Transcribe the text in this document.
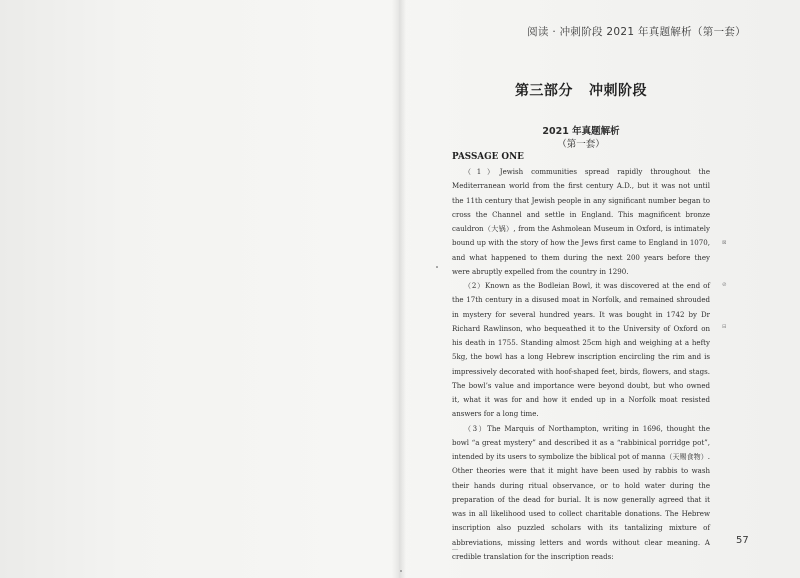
阅读 · 冲刺阶段 2021 年真题解析（第一套）
第三部分   冲刺阶段
2021 年真题解析
（第一套）
PASSAGE ONE

（1）Jewish communities spread rapidly throughout the Mediterranean world from the first century A.D., but it was not until the 11th century that Jewish people in any significant number began to cross the Channel and settle in England. This magnificent bronze cauldron（大锅）, from the Ashmolean Museum in Oxford, is intimately bound up with the story of how the Jews first came to England in 1070, and what happened to them during the next 200 years before they were abruptly expelled from the country in 1290.

（2）Known as the Bodleian Bowl, it was discovered at the end of the 17th century in a disused moat in Norfolk, and remained shrouded in mystery for several hundred years. It was bought in 1742 by Dr Richard Rawlinson, who bequeathed it to the University of Oxford on his death in 1755. Standing almost 25cm high and weighing at a hefty 5kg, the bowl has a long Hebrew inscription encircling the rim and is impressively decorated with hoof-shaped feet, birds, flowers, and stags. The bowl’s value and importance were beyond doubt, but who owned it, what it was for and how it ended up in a Norfolk moat resisted answers for a long time.

（3）The Marquis of Northampton, writing in 1696, thought the bowl “a great mystery” and described it as a “rabbinical porridge pot”, intended by its users to symbolize the biblical pot of manna（天赐食物）. Other theories were that it might have been used by rabbis to wash their hands during ritual observance, or to hold water during the preparation of the dead for burial. It is now generally agreed that it was in all likelihood used to collect charitable donations. The Hebrew inscription also puzzled scholars with its tantalizing mixture of abbreviations, missing letters and words without clear meaning. A credible translation for the inscription reads:

⊠
⊘
⊟
57
